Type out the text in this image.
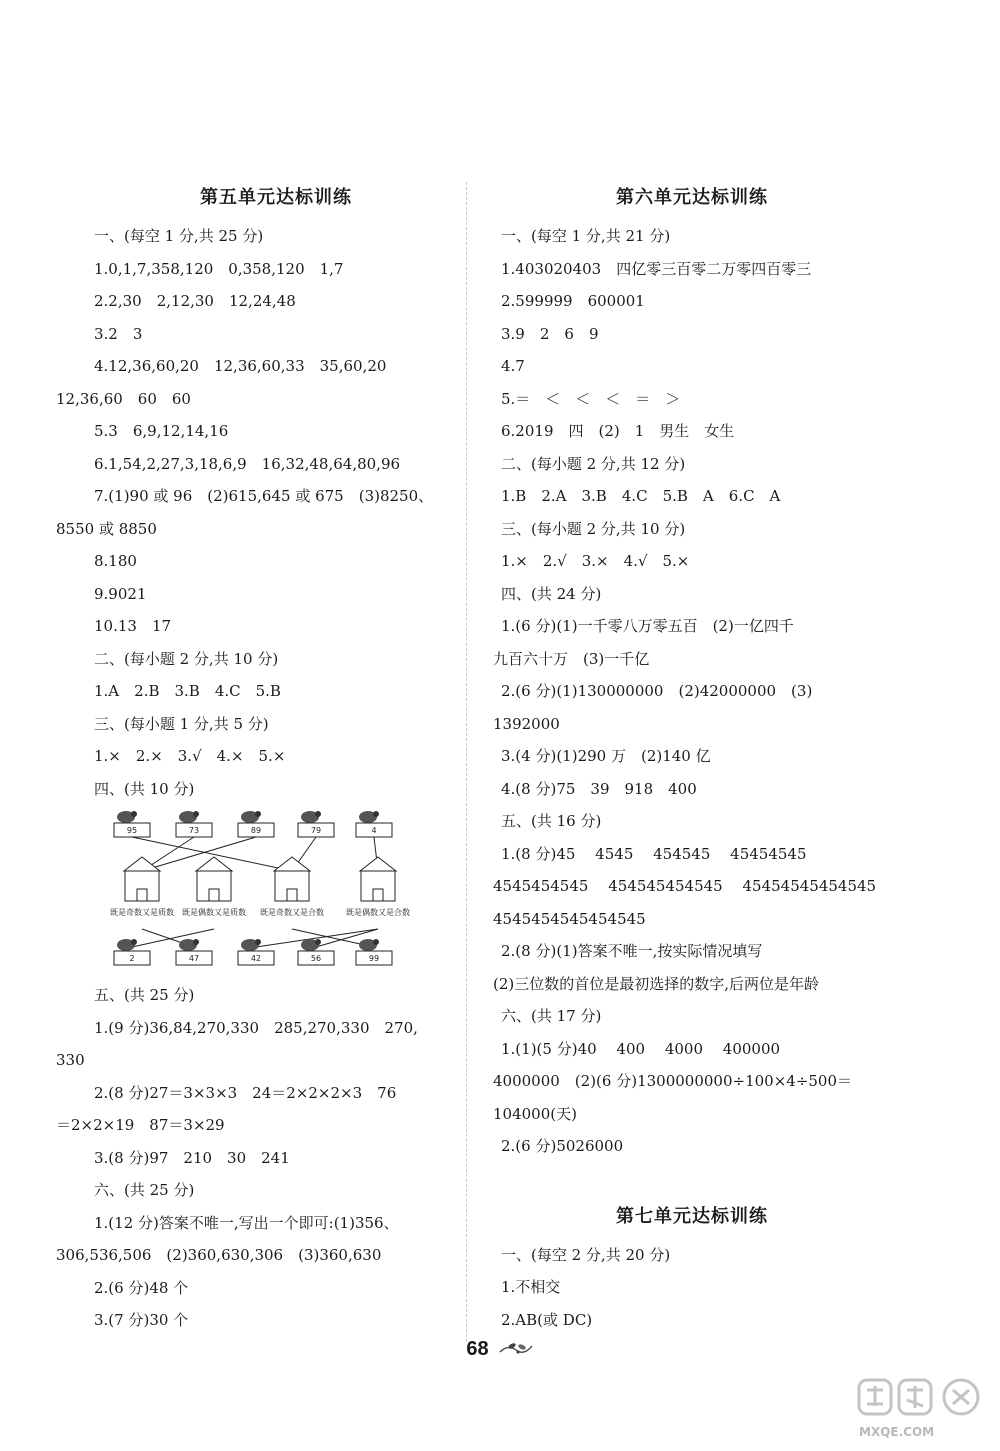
第五单元达标训练
一、(每空 1 分,共 25 分)
1.0,1,7,358,120　0,358,120　1,7
2.2,30　2,12,30　12,24,48
3.2　3
4.12,36,60,20　12,36,60,33　35,60,20
12,36,60　60　60
5.3　6,9,12,14,16
6.1,54,2,27,3,18,6,9　16,32,48,64,80,96
7.(1)90 或 96　(2)615,645 或 675　(3)8250、
8550 或 8850
8.180
9.9021
10.13　17
二、(每小题 2 分,共 10 分)
1.A　2.B　3.B　4.C　5.B
三、(每小题 1 分,共 5 分)
1.×　2.×　3.√　4.×　5.×
四、(共 10 分)
95	73	89	79	4
既是奇数又是质数 既是偶数又是质数 既是奇数又是合数	既是偶数又是合数
2	47	42	56	99
五、(共 25 分)
1.(9 分)36,84,270,330　285,270,330　270,
330
2.(8 分)27＝3×3×3　24＝2×2×2×3　76
＝2×2×19　87＝3×29
3.(8 分)97　210　30　241
六、(共 25 分)
1.(12 分)答案不唯一,写出一个即可:(1)356、
306,536,506　(2)360,630,306　(3)360,630
2.(6 分)48 个
3.(7 分)30 个
第六单元达标训练
一、(每空 1 分,共 21 分)
1.403020403　四亿零三百零二万零四百零三
2.599999　600001
3.9　2　6　9
4.7
5.＝　＜　＜　＜　＝　＞
6.2019　四　(2)　1　男生　女生
二、(每小题 2 分,共 12 分)
1.B　2.A　3.B　4.C　5.B　A　6.C　A
三、(每小题 2 分,共 10 分)
1.×　2.√　3.×　4.√　5.×
四、(共 24 分)
1.(6 分)(1)一千零八万零五百　(2)一亿四千
九百六十万　(3)一千亿
2.(6 分)(1)130000000　(2)42000000　(3)
1392000
3.(4 分)(1)290 万　(2)140 亿
4.(8 分)75　39　918　400
五、(共 16 分)
1.(8 分)45　 4545　 454545　 45454545
4545454545　 454545454545　 45454545454545
4545454545454545
2.(8 分)(1)答案不唯一,按实际情况填写
(2)三位数的首位是最初选择的数字,后两位是年龄
六、(共 17 分)
1.(1)(5 分)40　 400　 4000　 400000
4000000　(2)(6 分)1300000000÷100×4÷500＝
104000(天)
2.(6 分)5026000
第七单元达标训练
一、(每空 2 分,共 20 分)
1.不相交
2.AB(或 DC)
68
MXQE.COM
